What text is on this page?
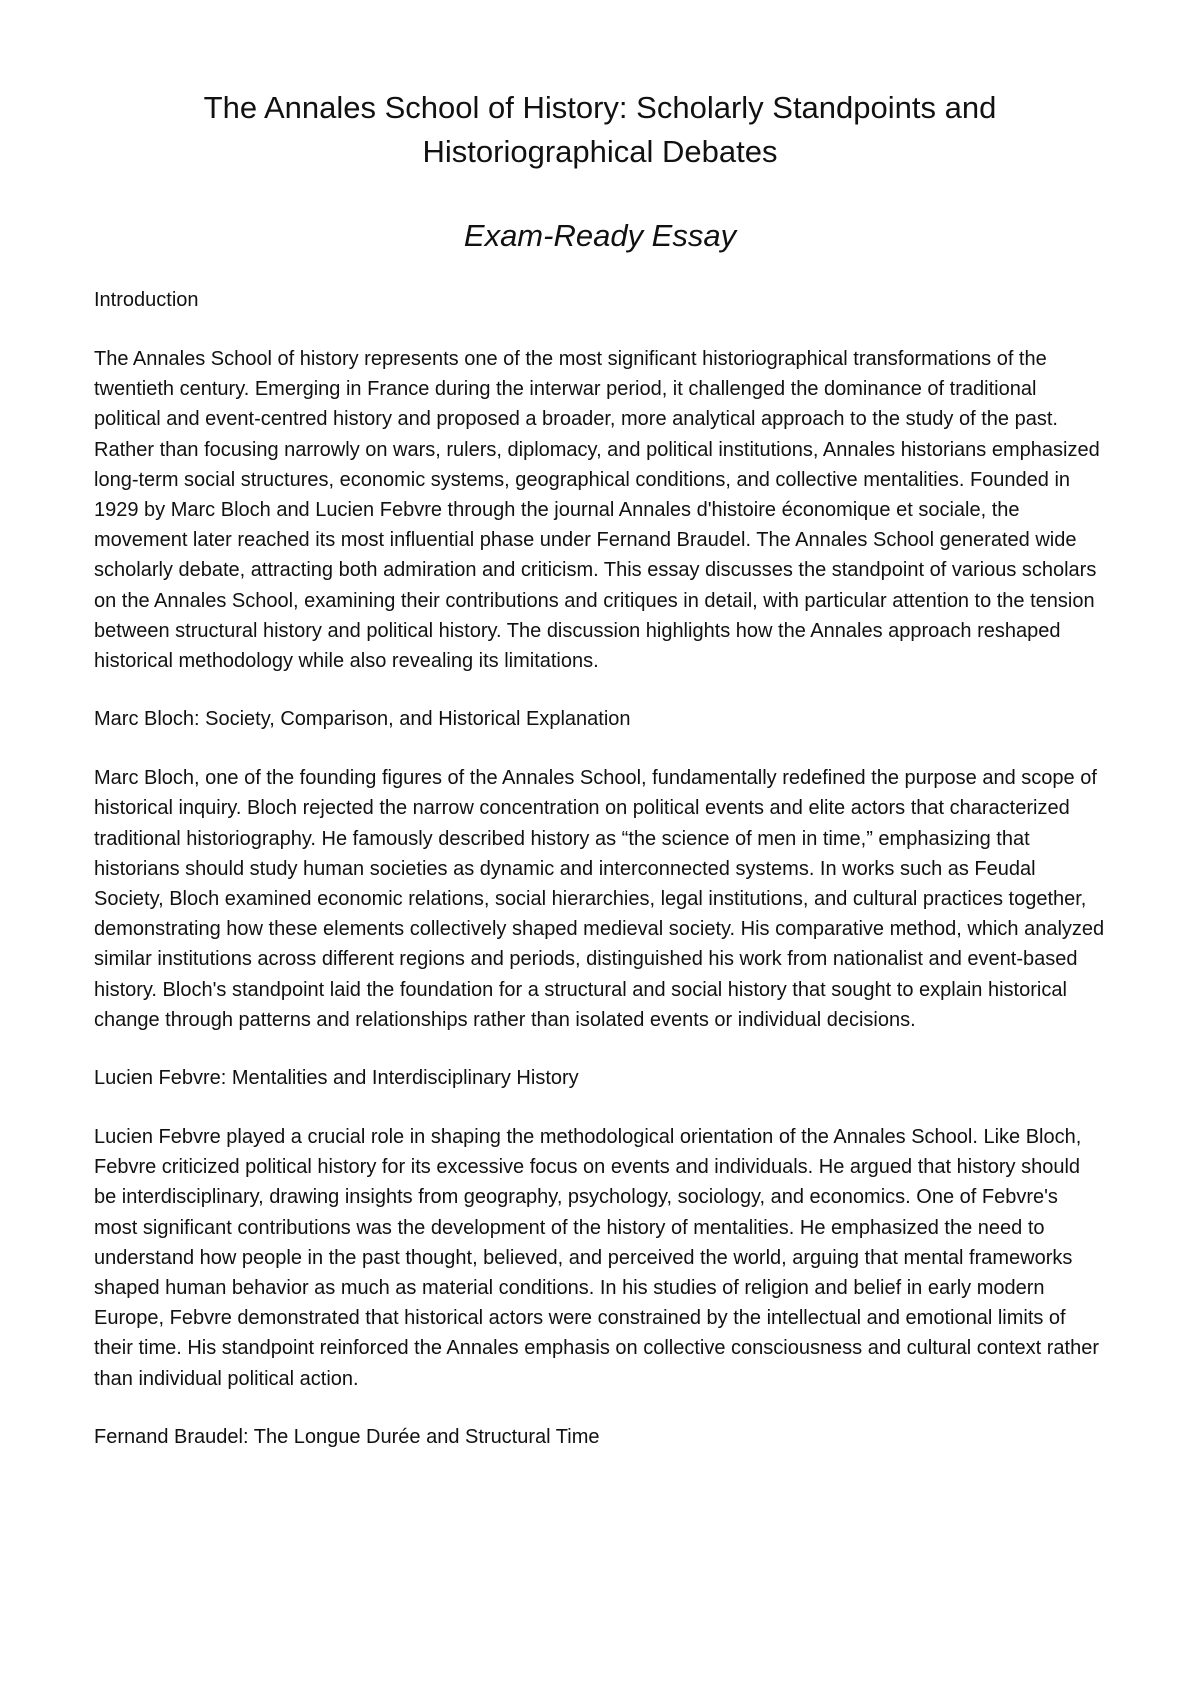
The Annales School of History: Scholarly Standpoints and Historiographical Debates
Exam-Ready Essay

Introduction

The Annales School of history represents one of the most significant historiographical transformations of the twentieth century. Emerging in France during the interwar period, it challenged the dominance of traditional political and event-centred history and proposed a broader, more analytical approach to the study of the past. Rather than focusing narrowly on wars, rulers, diplomacy, and political institutions, Annales historians emphasized long-term social structures, economic systems, geographical conditions, and collective mentalities. Founded in 1929 by Marc Bloch and Lucien Febvre through the journal Annales d'histoire économique et sociale, the movement later reached its most influential phase under Fernand Braudel. The Annales School generated wide scholarly debate, attracting both admiration and criticism. This essay discusses the standpoint of various scholars on the Annales School, examining their contributions and critiques in detail, with particular attention to the tension between structural history and political history. The discussion highlights how the Annales approach reshaped historical methodology while also revealing its limitations.

Marc Bloch: Society, Comparison, and Historical Explanation

Marc Bloch, one of the founding figures of the Annales School, fundamentally redefined the purpose and scope of historical inquiry. Bloch rejected the narrow concentration on political events and elite actors that characterized traditional historiography. He famously described history as “the science of men in time,” emphasizing that historians should study human societies as dynamic and interconnected systems. In works such as Feudal Society, Bloch examined economic relations, social hierarchies, legal institutions, and cultural practices together, demonstrating how these elements collectively shaped medieval society. His comparative method, which analyzed similar institutions across different regions and periods, distinguished his work from nationalist and event-based history. Bloch's standpoint laid the foundation for a structural and social history that sought to explain historical change through patterns and relationships rather than isolated events or individual decisions.

Lucien Febvre: Mentalities and Interdisciplinary History

Lucien Febvre played a crucial role in shaping the methodological orientation of the Annales School. Like Bloch, Febvre criticized political history for its excessive focus on events and individuals. He argued that history should be interdisciplinary, drawing insights from geography, psychology, sociology, and economics. One of Febvre's most significant contributions was the development of the history of mentalities. He emphasized the need to understand how people in the past thought, believed, and perceived the world, arguing that mental frameworks shaped human behavior as much as material conditions. In his studies of religion and belief in early modern Europe, Febvre demonstrated that historical actors were constrained by the intellectual and emotional limits of their time. His standpoint reinforced the Annales emphasis on collective consciousness and cultural context rather than individual political action.

Fernand Braudel: The Longue Durée and Structural Time
